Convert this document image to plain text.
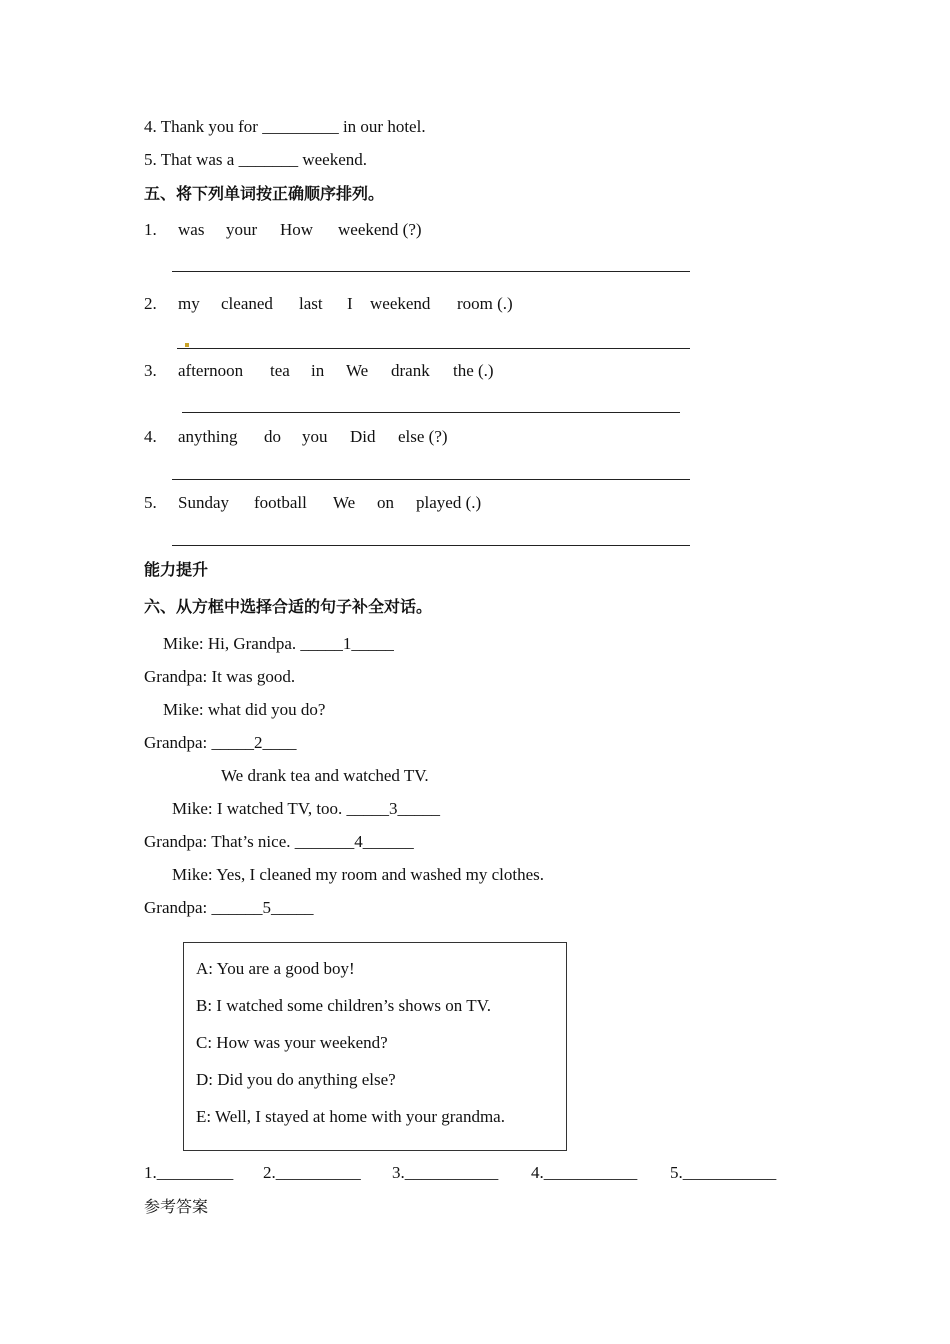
4. Thank you for _________ in our hotel.
5. That was a _______ weekend.
五、将下列单词按正确顺序排列。
1.	was	your	How	weekend (?)
2.	my	cleaned	last	I	weekend	room (.)
3.	afternoon	tea	in	We	drank	the (.)
4.	anything	do	you	Did	else (?)
5.	Sunday	football	We	on	played (.)
能力提升
六、从方框中选择合适的句子补全对话。
Mike: Hi, Grandpa. _____1_____
Grandpa: It was good.
Mike: what did you do?
Grandpa: _____2____
We drank tea and watched TV.
Mike: I watched TV, too. _____3_____
Grandpa: That’s nice. _______4______
Mike: Yes, I cleaned my room and washed my clothes.
Grandpa: ______5_____
A: You are a good boy!
B: I watched some children’s shows on TV.
C: How was your weekend?
D: Did you do anything else?
E: Well, I stayed at home with your grandma.
1._________ 2.__________ 3.___________ 4.___________ 5.___________
参考答案
